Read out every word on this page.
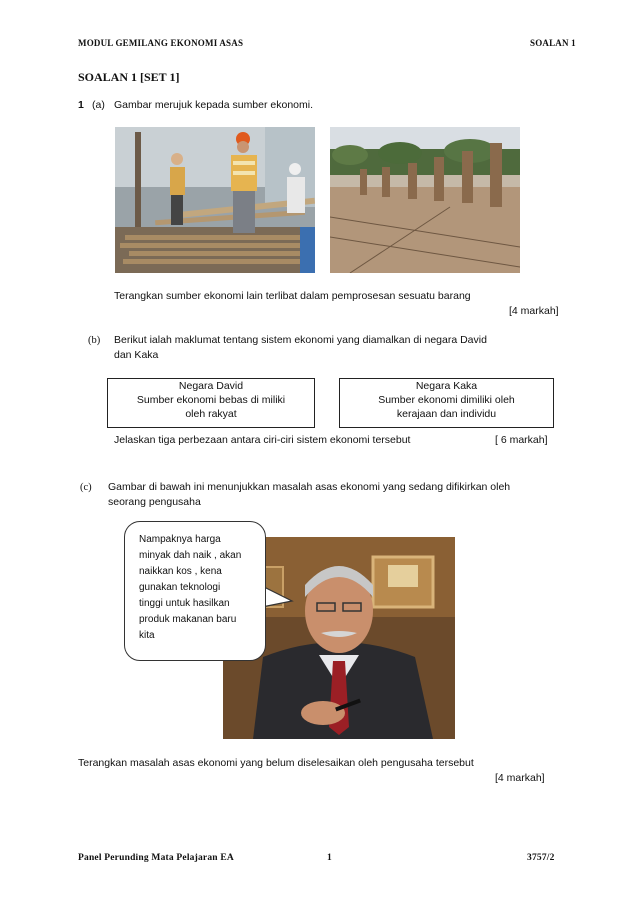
MODUL GEMILANG EKONOMI ASAS	SOALAN 1
SOALAN 1 [SET 1]
1 (a) Gambar merujuk kepada sumber ekonomi.
Terangkan sumber ekonomi lain terlibat dalam pemprosesan sesuatu barang
[4 markah]
(b) Berikut ialah maklumat tentang sistem ekonomi yang diamalkan di negara David
dan Kaka
Negara David
Sumber ekonomi bebas di miliki
oleh rakyat
Negara Kaka
Sumber ekonomi dimiliki oleh
kerajaan dan individu
Jelaskan tiga perbezaan antara ciri-ciri sistem ekonomi tersebut	[ 6 markah]
(c) Gambar di bawah ini menunjukkan masalah asas ekonomi yang sedang difikirkan oleh
seorang pengusaha
Nampaknya harga
minyak dah naik , akan
naikkan kos , kena
gunakan teknologi
tinggi untuk hasilkan
produk makanan baru
kita
Terangkan masalah asas ekonomi yang belum diselesaikan oleh pengusaha tersebut
[4 markah]
Panel Perunding Mata Pelajaran EA	1	3757/2
